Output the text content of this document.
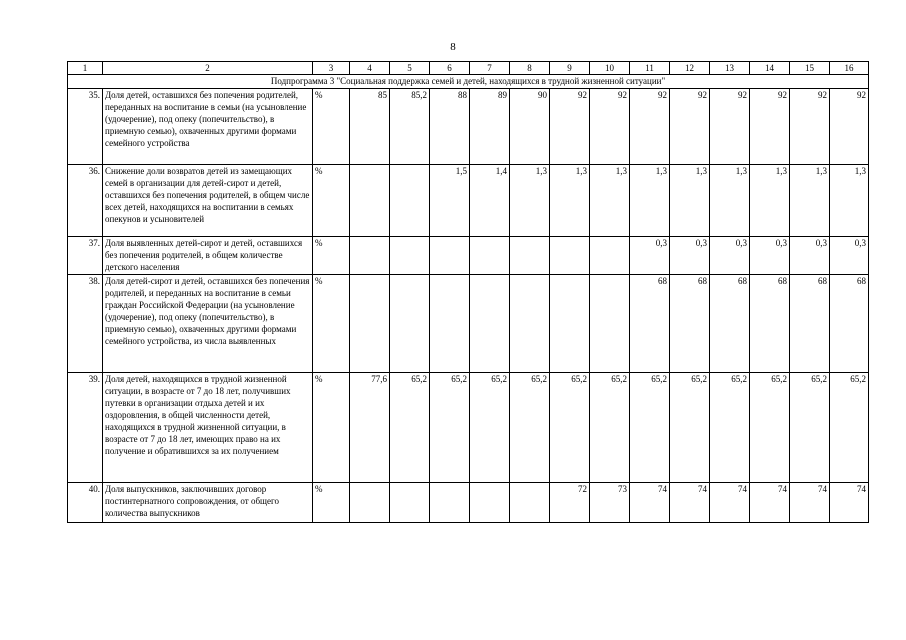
8
1	2	3	4	5	6	7	8	9	10	11	12	13	14	15	16
Подпрограмма 3 "Социальная поддержка семей и детей, находящихся в трудной жизненной ситуации"															
35.	Доля детей, оставшихся без попечения родителей, переданных на воспитание в семьи (на усыновление (удочерение), под опеку (попечительство), в приемную семью), охваченных другими формами семейного устройства	%	85	85,2	88	89	90	92	92	92	92	92	92	92	92
36.	Снижение доли возвратов детей из замещающих семей в организации для детей-сирот и детей, оставшихся без попечения родителей, в общем числе всех детей, находящихся на воспитании в семьях опекунов и усыновителей	%			1,5	1,4	1,3	1,3	1,3	1,3	1,3	1,3	1,3	1,3	1,3
37.	Доля выявленных детей-сирот и детей, оставшихся без попечения родителей, в общем количестве детского населения	%								0,3	0,3	0,3	0,3	0,3	0,3
38.	Доля детей-сирот и детей, оставшихся без попечения родителей, и переданных на воспитание в семьи граждан Российской Федерации (на усыновление (удочерение), под опеку (попечительство), в приемную семью), охваченных другими формами семейного устройства, из числа выявленных	%								68	68	68	68	68	68
39.	Доля детей, находящихся в трудной жизненной ситуации, в возрасте от 7 до 18 лет, получивших путевки в организации отдыха детей и их оздоровления, в общей численности детей, находящихся в трудной жизненной ситуации, в возрасте от 7 до 18 лет, имеющих право на их получение и обратившихся за их получением	%	77,6	65,2	65,2	65,2	65,2	65,2	65,2	65,2	65,2	65,2	65,2	65,2	65,2
40.	Доля выпускников, заключивших договор постинтернатного сопровождения, от общего количества выпускников	%						72	73	74	74	74	74	74	74
